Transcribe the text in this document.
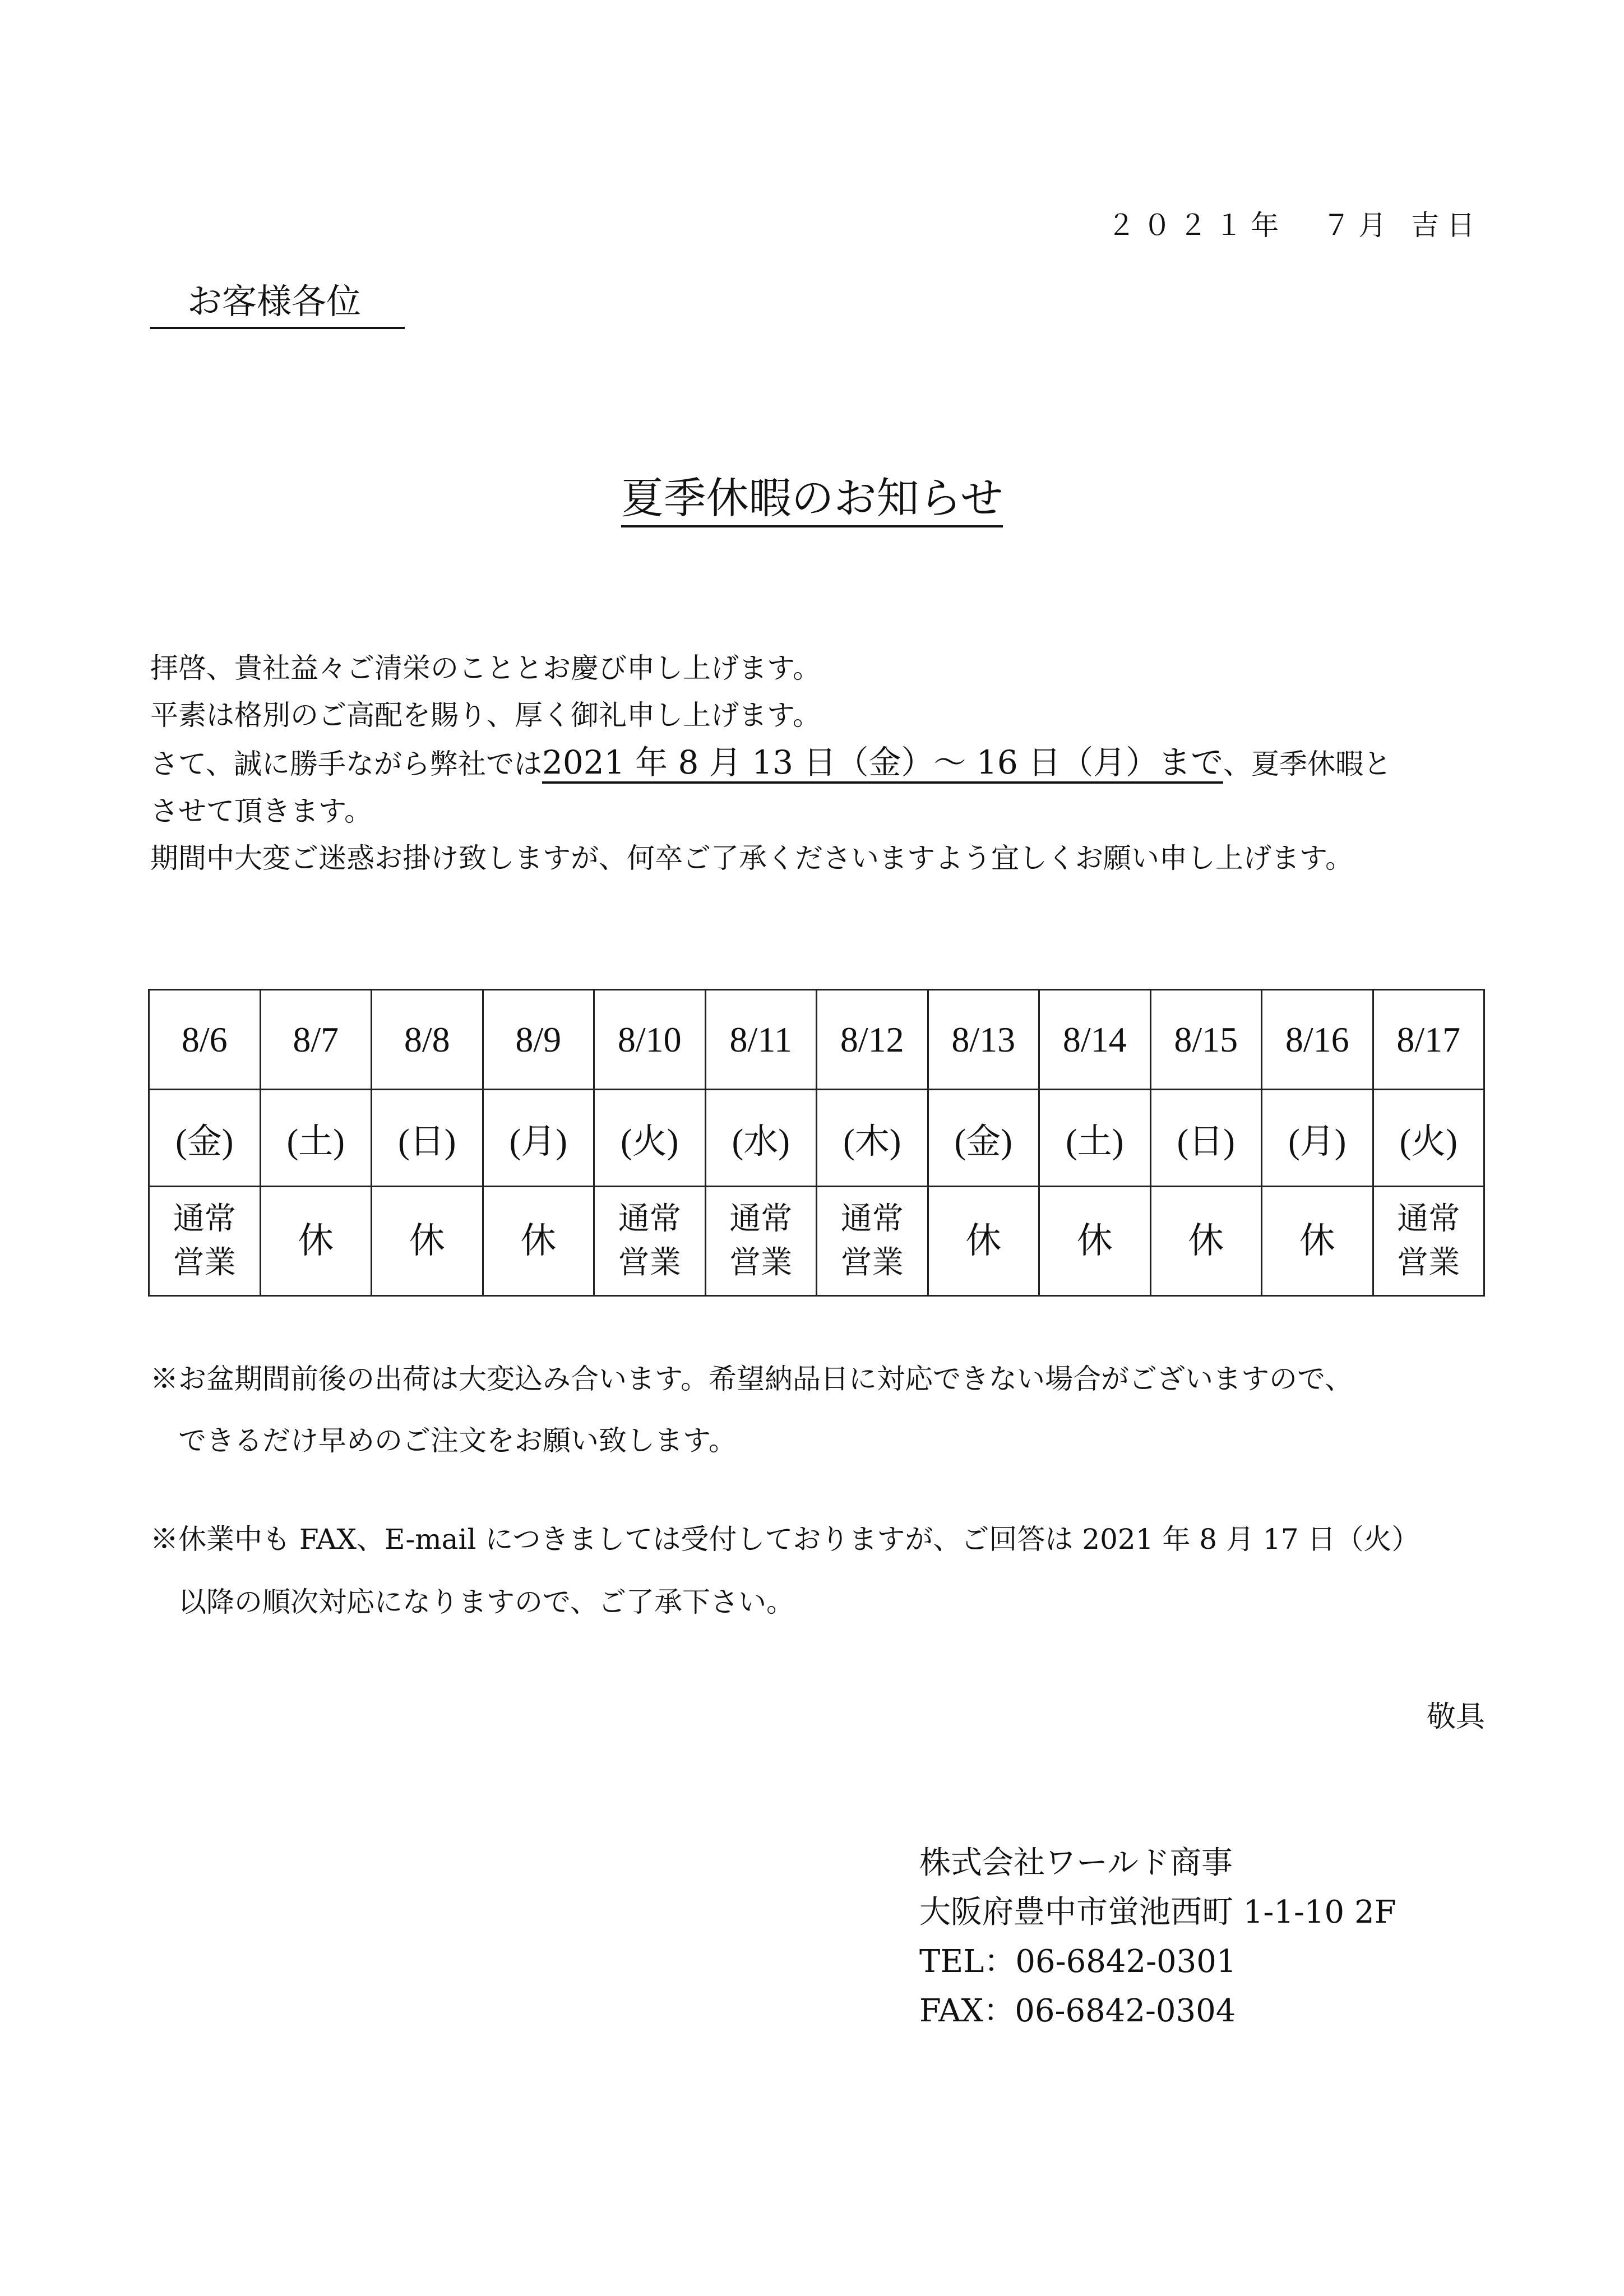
２０２１年　７月 吉日
お客様各位
夏季休暇のお知らせ

拝啓、貴社益々ご清栄のこととお慶び申し上げます。

平素は格別のご高配を賜り、厚く御礼申し上げます。

さて、誠に勝手ながら弊社では2021 年 8 月 13 日（金）～ 16 日（月）まで、夏季休暇と

させて頂きます。

期間中大変ご迷惑お掛け致しますが、何卒ご了承くださいますよう宜しくお願い申し上げます。

8/6	8/7	8/8	8/9	8/10	8/11	8/12	8/13	8/14	8/15	8/16	8/17
(金)	(土)	(日)	(月)	(火)	(水)	(木)	(金)	(土)	(日)	(月)	(火)
通常営業	休	休	休	通常営業	通常営業	通常営業	休	休	休	休	通常営業
※お盆期間前後の出荷は大変込み合います。希望納品日に対応できない場合がございますので、
できるだけ早めのご注文をお願い致します。
※休業中も FAX、E-mail につきましては受付しておりますが、ご回答は 2021 年 8 月 17 日（火）
以降の順次対応になりますので、ご了承下さい。
敬具
株式会社ワールド商事
大阪府豊中市蛍池西町 1-1-10 2F
TEL：06-6842-0301
FAX：06-6842-0304
